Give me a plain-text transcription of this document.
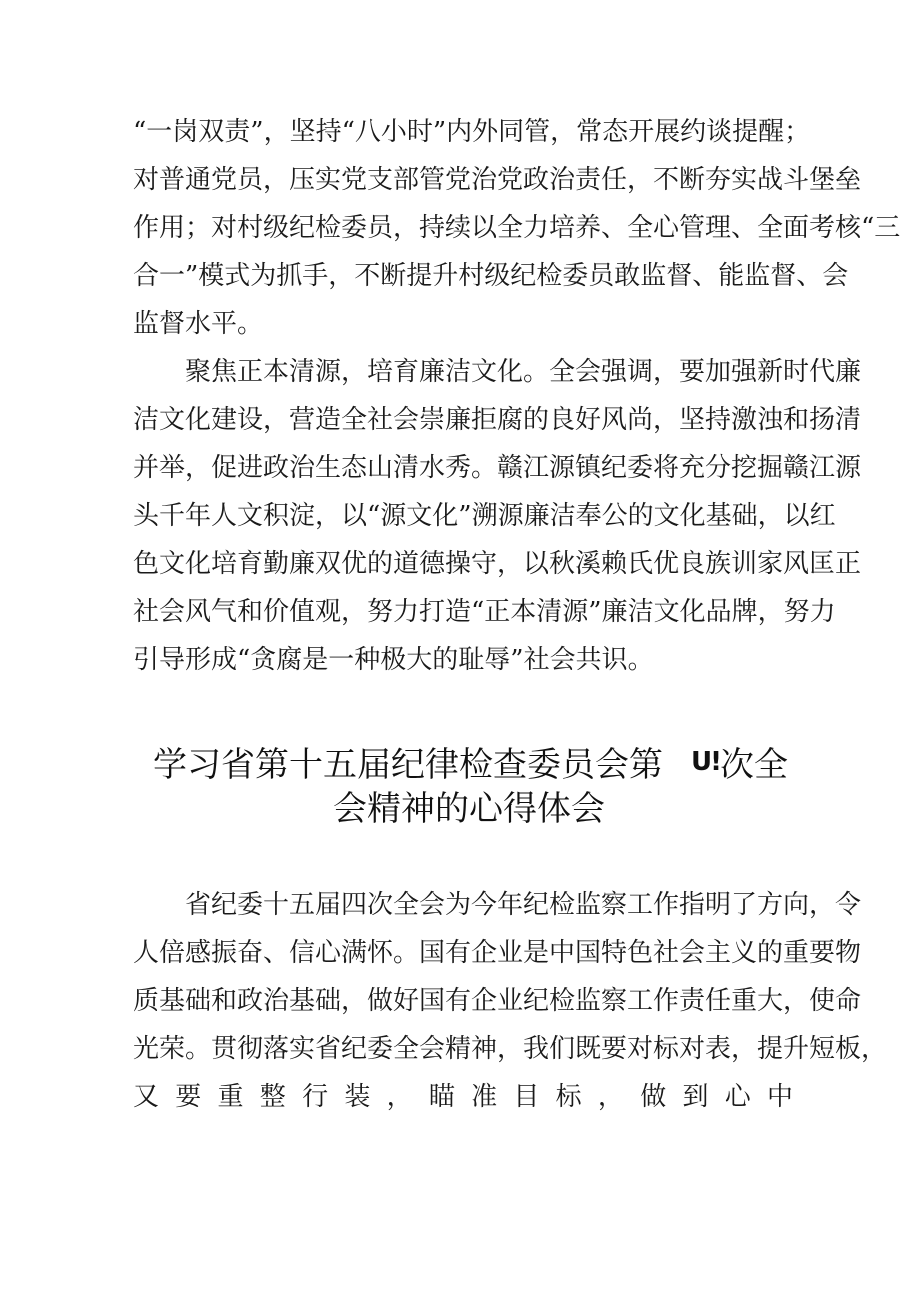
“一岗双责”，坚持“八小时”内外同管，常态开展约谈提醒；
对普通党员，压实党支部管党治党政治责任，不断夯实战斗堡垒
作用；对村级纪检委员，持续以全力培养、全心管理、全面考核“三
合一”模式为抓手，不断提升村级纪检委员敢监督、能监督、会
监督水平。
聚焦正本清源，培育廉洁文化。全会强调，要加强新时代廉
洁文化建设，营造全社会崇廉拒腐的良好风尚，坚持激浊和扬清
并举，促进政治生态山清水秀。赣江源镇纪委将充分挖掘赣江源
头千年人文积淀，以“源文化”溯源廉洁奉公的文化基础，以红
色文化培育勤廉双优的道德操守，以秋溪赖氏优良族训家风匡正
社会风气和价值观，努力打造“正本清源”廉洁文化品牌，努力
引导形成“贪腐是一种极大的耻辱”社会共识。
学习省第十五届纪律检查委员会第 U!次全
会精神的心得体会
省纪委十五届四次全会为今年纪检监察工作指明了方向，令
人倍感振奋、信心满怀。国有企业是中国特色社会主义的重要物
质基础和政治基础，做好国有企业纪检监察工作责任重大，使命
光荣。贯彻落实省纪委全会精神，我们既要对标对表，提升短板，
又 要 重 整 行 装 ， 瞄 准 目 标 ， 做 到 心 中
